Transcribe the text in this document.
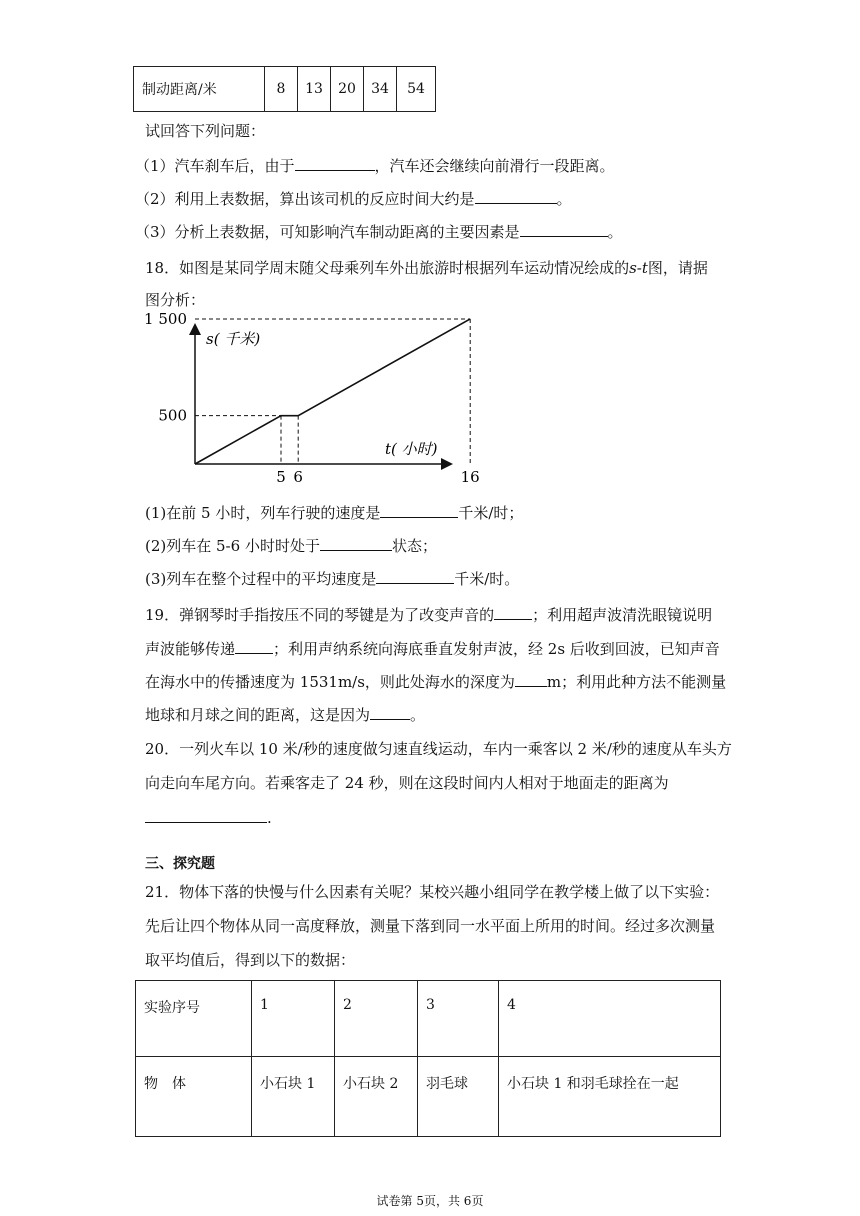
制动距离/米	8	13	20	34	54
试回答下列问题：
（1）汽车刹车后，由于	，汽车还会继续向前滑行一段距离。
（2）利用上表数据，算出该司机的反应时间大约是	。
（3）分析上表数据，可知影响汽车制动距离的主要因素是	。
18．如图是某同学周末随父母乘列车外出旅游时根据列车运动情况绘成的s-t图，请据
图分析：
s( 千米)
t( 小时)
1 500
500
5 6	16
(1)在前 5 小时，列车行驶的速度是	千米/时；
(2)列车在 5-6 小时时处于	状态；
(3)列车在整个过程中的平均速度是	千米/时。
19．弹钢琴时手指按压不同的琴键是为了改变声音的	；利用超声波清洗眼镜说明
声波能够传递	；利用声纳系统向海底垂直发射声波，经 2s 后收到回波，已知声音
在海水中的传播速度为 1531m/s，则此处海水的深度为 m；利用此种方法不能测量
地球和月球之间的距离，这是因为	。
20．一列火车以 10 米/秒的速度做匀速直线运动，车内一乘客以 2 米/秒的速度从车头方
向走向车尾方向。若乘客走了 24 秒，则在这段时间内人相对于地面走的距离为
.
三、探究题
21．物体下落的快慢与什么因素有关呢？某校兴趣小组同学在教学楼上做了以下实验：
先后让四个物体从同一高度释放，测量下落到同一水平面上所用的时间。经过多次测量
取平均值后，得到以下的数据：
实验序号	1	2	3	4
物　体	小石块 1	小石块 2	羽毛球	小石块 1 和羽毛球拴在一起
试卷第 5页，共 6页
